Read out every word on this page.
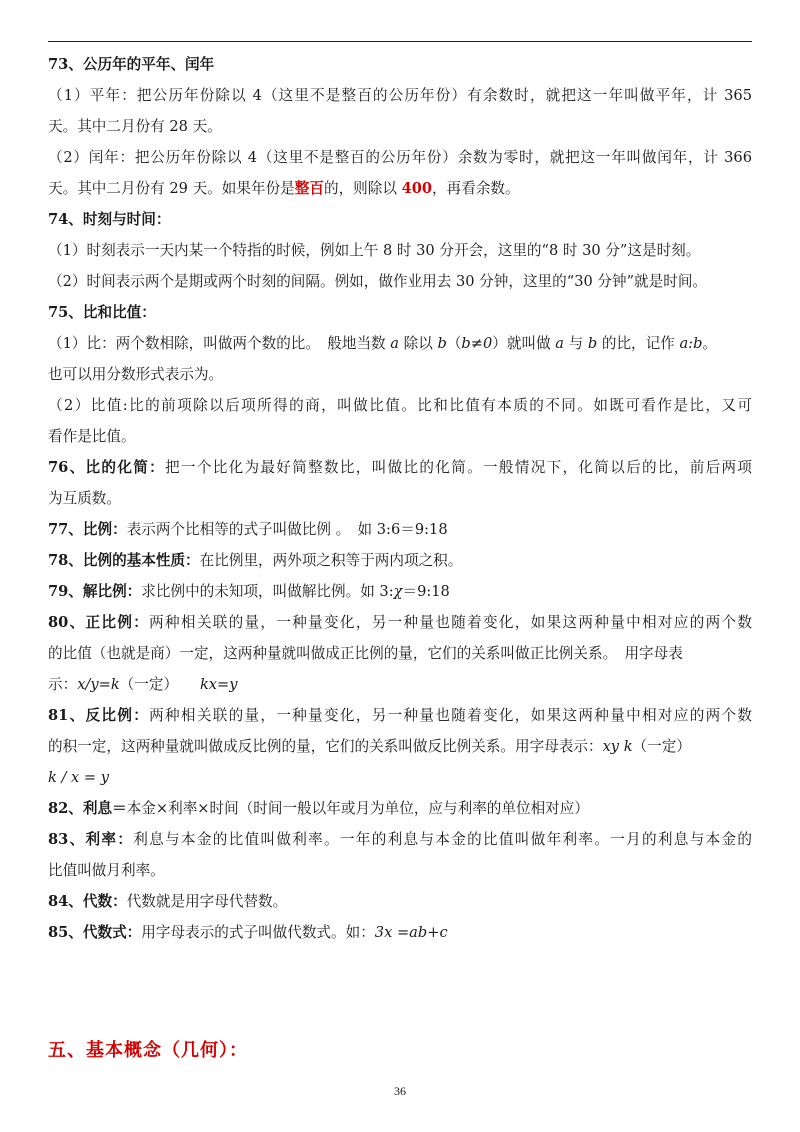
73、公历年的平年、闰年
（1）平年：把公历年份除以 4（这里不是整百的公历年份）有余数时，就把这一年叫做平年，计 365
天。其中二月份有 28 天。
（2）闰年：把公历年份除以 4（这里不是整百的公历年份）余数为零时，就把这一年叫做闰年，计 366
天。其中二月份有 29 天。如果年份是整百的，则除以 400，再看余数。
74、时刻与时间：
（1）时刻表示一天内某一个特指的时候，例如上午 8 时 30 分开会，这里的“8 时 30 分”这是时刻。
（2）时间表示两个是期或两个时刻的间隔。例如，做作业用去 30 分钟，这里的“30 分钟”就是时间。
75、比和比值：
（1）比：两个数相除，叫做两个数的比。　般地当数 a 除以 b（b≠0）就叫做 a 与 b 的比，记作 a:b。
也可以用分数形式表示为。
（2）比值:比的前项除以后项所得的商，叫做比值。比和比值有本质的不同。如既可看作是比，又可
看作是比值。
76、比的化简：把一个比化为最好简整数比，叫做比的化简。一般情况下，化简以后的比，前后两项
为互质数。
77、比例：表示两个比相等的式子叫做比例 。　如 3:6＝9:18
78、比例的基本性质：在比例里，两外项之积等于两内项之积。
79、解比例：求比例中的未知项，叫做解比例。如 3:χ＝9:18
80、正比例：两种相关联的量，一种量变化，另一种量也随着变化，如果这两种量中相对应的两个数
的比值（也就是商）一定，这两种量就叫做成正比例的量，它们的关系叫做正比例关系。　用字母表
示：x/y=k（一定）　　kx=y
81、反比例：两种相关联的量，一种量变化，另一种量也随着变化，如果这两种量中相对应的两个数
的积一定，这两种量就叫做成反比例的量，它们的关系叫做反比例关系。用字母表示：xy k（一定）
k / x = y
82、利息＝本金×利率×时间（时间一般以年或月为单位，应与利率的单位相对应）
83、利率：利息与本金的比值叫做利率。一年的利息与本金的比值叫做年利率。一月的利息与本金的
比值叫做月利率。
84、代数：代数就是用字母代替数。
85、代数式：用字母表示的式子叫做代数式。如：3x =ab+c
五、基本概念（几何）：
36
